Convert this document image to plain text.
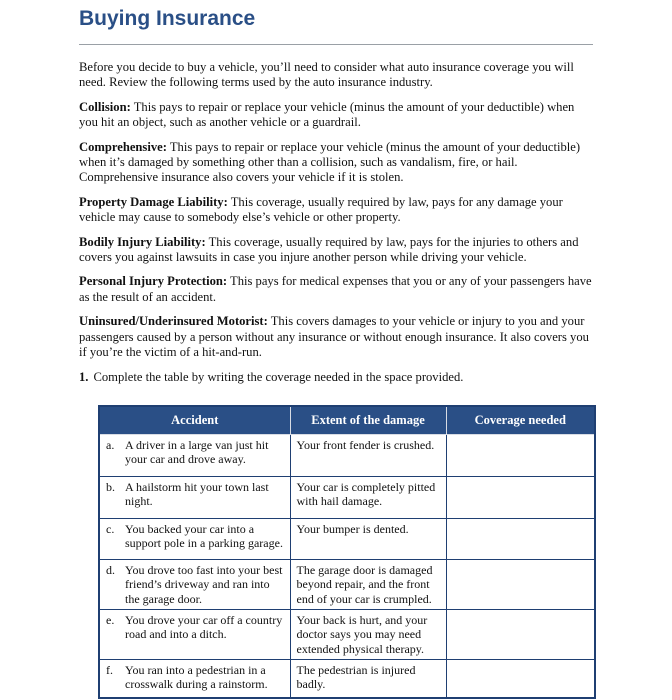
Buying Insurance

Before you decide to buy a vehicle, you’ll need to consider what auto insurance coverage you will need. Review the following terms used by the auto insurance industry.

Collision: This pays to repair or replace your vehicle (minus the amount of your deductible) when you hit an object, such as another vehicle or a guardrail.

Comprehensive: This pays to repair or replace your vehicle (minus the amount of your deductible) when it’s damaged by something other than a collision, such as vandalism, fire, or hail. Comprehensive insurance also covers your vehicle if it is stolen.

Property Damage Liability: This coverage, usually required by law, pays for any damage your vehicle may cause to somebody else’s vehicle or other property.

Bodily Injury Liability: This coverage, usually required by law, pays for the injuries to others and covers you against lawsuits in case you injure another person while driving your vehicle.

Personal Injury Protection: This pays for medical expenses that you or any of your passengers have as the result of an accident.

Uninsured/Underinsured Motorist: This covers damages to your vehicle or injury to you and your passengers caused by a person without any insurance or without enough insurance. It also covers you if you’re the victim of a hit-and-run.

1. Complete the table by writing the coverage needed in the space provided.

Accident	Extent of the damage	Coverage needed

a. A driver in a large van just hit your car and drove away.	Your front fender is crushed.	

b. A hailstorm hit your town last night.	Your car is completely pitted with hail damage.	

c. You backed your car into a support pole in a parking garage.	Your bumper is dented.	

d. You drove too fast into your best friend’s driveway and ran into the garage door.	The garage door is damaged beyond repair, and the front end of your car is crumpled.	

e. You drove your car off a country road and into a ditch.	Your back is hurt, and your doctor says you may need extended physical therapy.	

f. You ran into a pedestrian in a crosswalk during a rainstorm.	The pedestrian is injured badly.	
